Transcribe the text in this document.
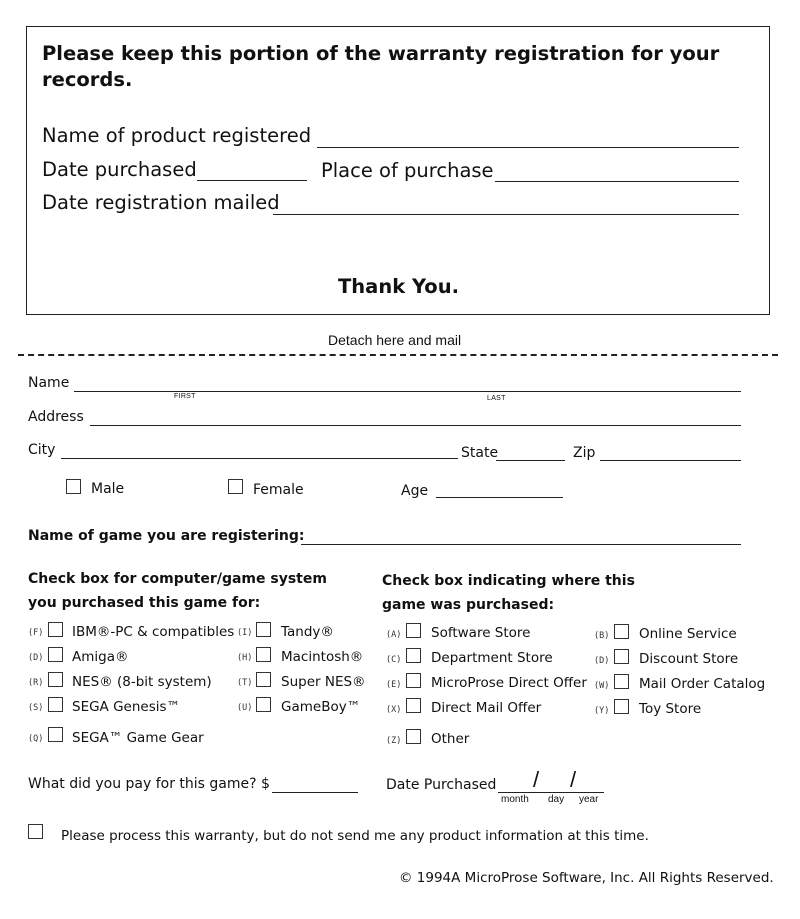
Please keep this portion of the warranty registration for your records.
Name of product registered
Date purchased	Place of purchase
Date registration mailed
Thank You.
Detach here and mail
Name
FIRST	LAST
Address
City	State	Zip
Male	Female	Age
Name of game you are registering:
Check box for computer/game system
you purchased this game for:
Check box indicating where this
game was purchased:
(F) IBM®-PC & compatibles
(D) Amiga®
(R) NES® (8-bit system)
(S) SEGA Genesis™
(Q) SEGA™ Game Gear
(I) Tandy®
(H) Macintosh®
(T) Super NES®
(U) GameBoy™
(A) Software Store
(C) Department Store
(E) MicroProse Direct Offer
(X) Direct Mail Offer
(Z) Other
(B) Online Service
(D) Discount Store
(W) Mail Order Catalog
(Y) Toy Store
What did you pay for this game? $	Date Purchased / /
month day year
Please process this warranty, but do not send me any product information at this time.
© 1994A MicroProse Software, Inc. All Rights Reserved.
